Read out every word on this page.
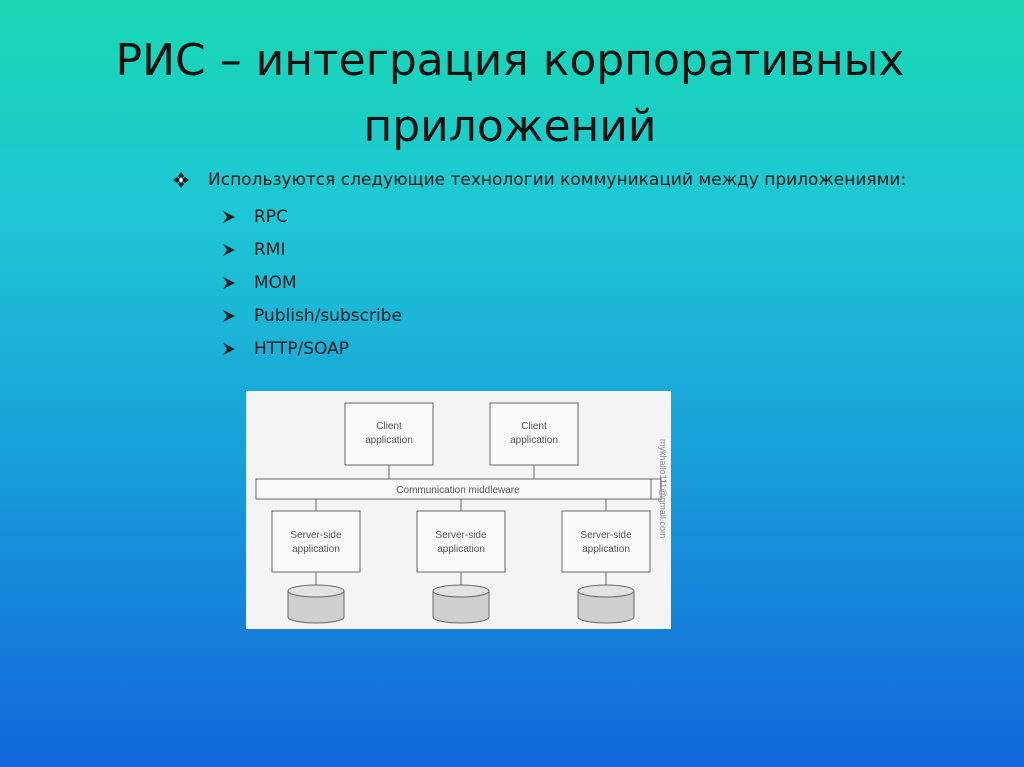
РИС – интеграция корпоративных
приложений
Используются следующие технологии коммуникаций между приложениями:
RPC
RMI
MOM
Publish/subscribe
HTTP/SOAP
Client
application
Client
application
Communication middleware
Server-side
application
Server-side
application
Server-side
application
mykhailo111@gmail.com
